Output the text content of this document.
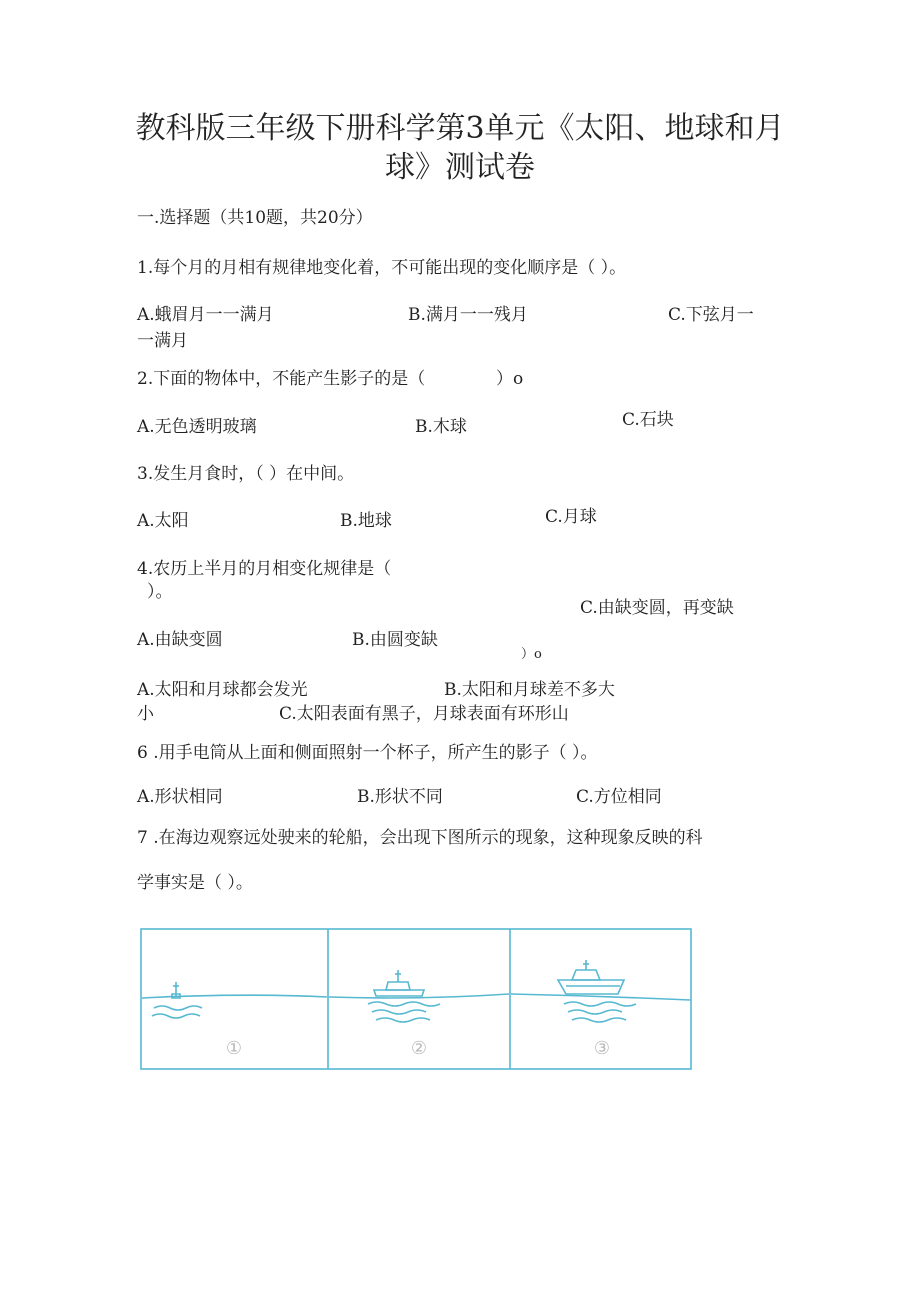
教科版三年级下册科学第3单元《太阳、地球和月
球》测试卷
一.选择题（共10题，共20分）
1.每个月的月相有规律地变化着，不可能出现的变化顺序是（ ）。
A.蛾眉月一一满月	B.满月一一残月	C.下弦月一
一满月
2.下面的物体中，不能产生影子的是（	）o
A.无色透明玻璃	B.木球	C.石块
3.发生月食时，（ ）在中间。
A.太阳	B.地球	C.月球
4.农历上半月的月相变化规律是（
）。
C.由缺变圆，再变缺
A.由缺变圆	B.由圆变缺
）o
A.太阳和月球都会发光	B.太阳和月球差不多大
小	C.太阳表面有黑子，月球表面有环形山
6 .用手电筒从上面和侧面照射一个杯子，所产生的影子（ ）。
A.形状相同	B.形状不同	C.方位相同
7 .在海边观察远处驶来的轮船，会出现下图所示的现象，这种现象反映的科
学事实是（ ）。
①	②	③
